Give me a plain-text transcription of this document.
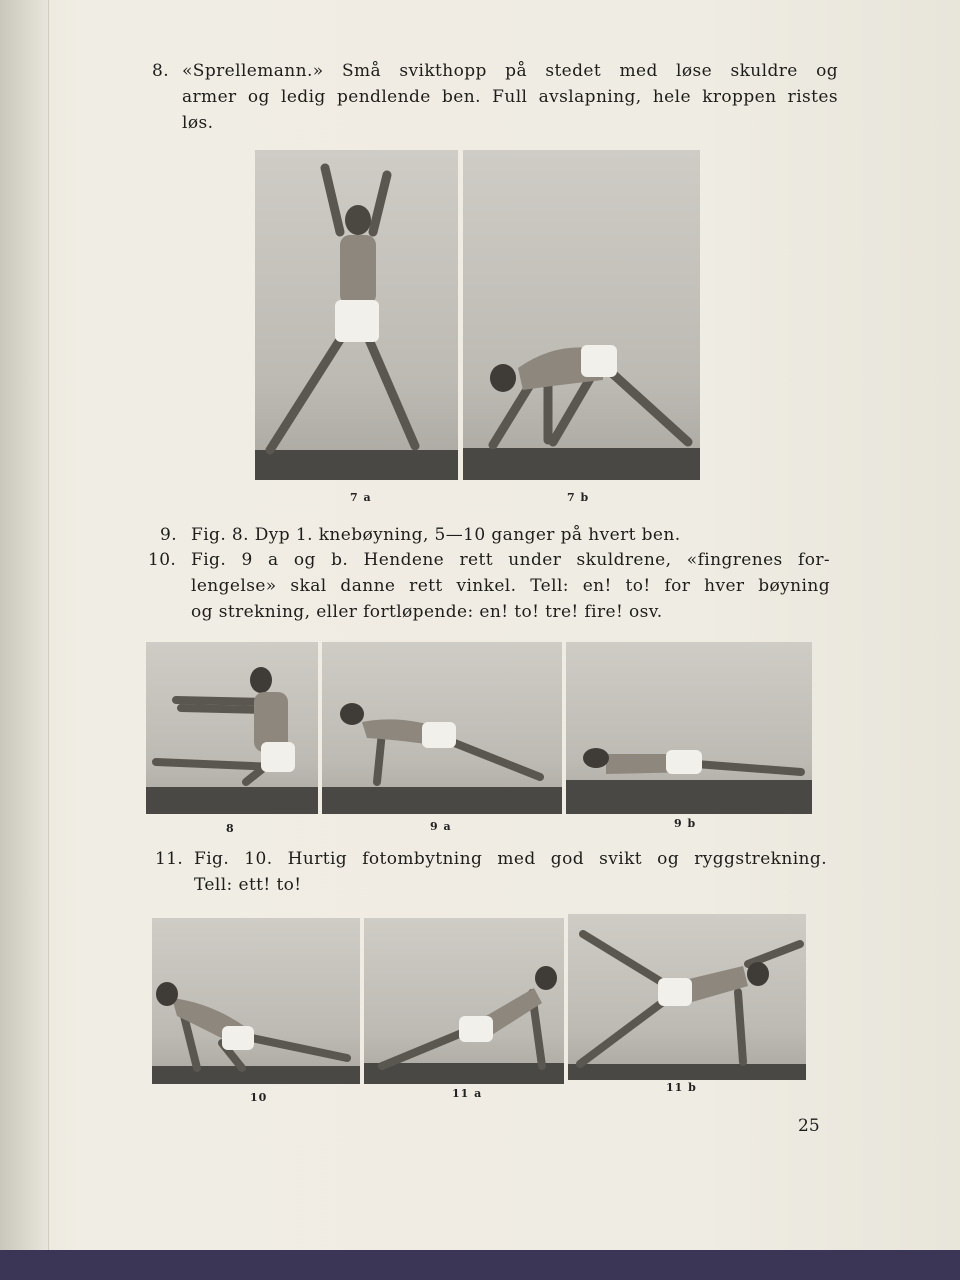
8. «Sprellemann.» Små svikthopp på stedet med løse skuldre og
armer og ledig pendlende ben. Full avslapning, hele kroppen ristes
løs.
7 a	7 b
9. Fig. 8. Dyp 1. knebøyning, 5—10 ganger på hvert ben.
10. Fig. 9 a og b. Hendene rett under skuldrene, «fingrenes for-
lengelse» skal danne rett vinkel. Tell: en! to! for hver bøyning
og strekning, eller fortløpende: en! to! tre! fire! osv.
8	9 a	9 b
11. Fig. 10. Hurtig fotombytning med god svikt og ryggstrekning.
Tell: ett! to!
10	11 a	11 b
25
